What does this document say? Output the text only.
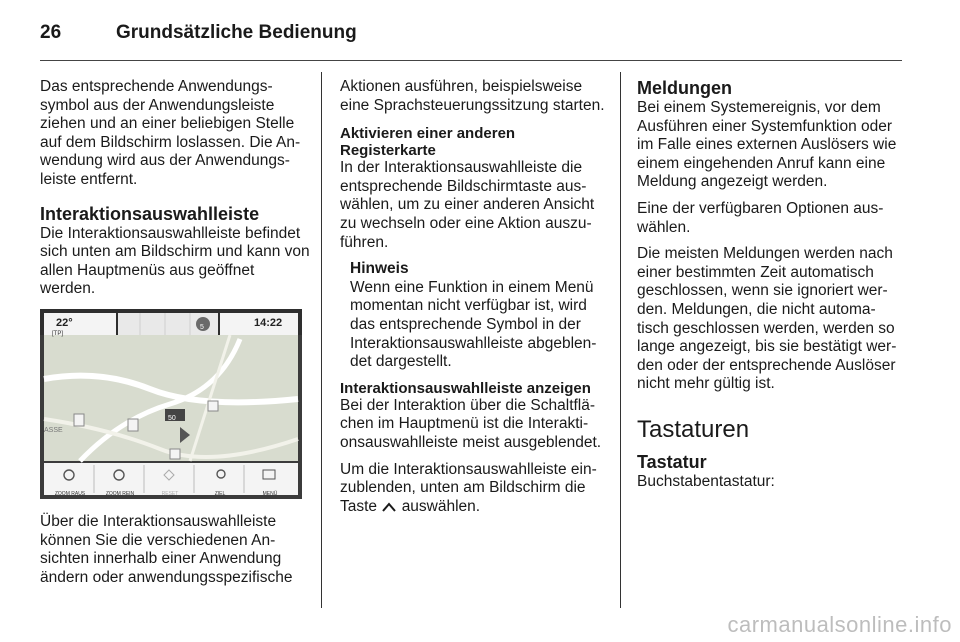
26	Grundsätzliche Bedienung

Das entsprechende Anwendungssymbol aus der Anwendungsleiste ziehen und an einer beliebigen Stelle auf dem Bildschirm loslassen. Die Anwendung wird aus der Anwendungsleiste entfernt.

Interaktionsauswahlleiste

Die Interaktionsauswahlleiste befindet sich unten am Bildschirm und kann von allen Hauptmenüs aus geöffnet werden.

22°
[TP]
14:22
5
50
ASSE
ZOOM RAUS	ZOOM REIN	RESET	ZIEL	MENÜ

Über die Interaktionsauswahlleiste können Sie die verschiedenen Ansichten innerhalb einer Anwendung ändern oder anwendungsspezifische

Aktionen ausführen, beispielsweise eine Sprachsteuerungssitzung starten.

Aktivieren einer anderen Registerkarte

In der Interaktionsauswahlleiste die entsprechende Bildschirmtaste auswählen, um zu einer anderen Ansicht zu wechseln oder eine Aktion auszuführen.

Hinweis
Wenn eine Funktion in einem Menü momentan nicht verfügbar ist, wird das entsprechende Symbol in der Interaktionsauswahlleiste abgeblendet dargestellt.
Interaktionsauswahlleiste anzeigen

Bei der Interaktion über die Schaltflächen im Hauptmenü ist die Interaktionsauswahlleiste meist ausgeblendet.

Um die Interaktionsauswahlleiste einzublenden, unten am Bildschirm die Taste auswählen.

Meldungen

Bei einem Systemereignis, vor dem Ausführen einer Systemfunktion oder im Falle eines externen Auslösers wie einem eingehenden Anruf kann eine Meldung angezeigt werden.

Eine der verfügbaren Optionen auswählen.

Die meisten Meldungen werden nach einer bestimmten Zeit automatisch geschlossen, wenn sie ignoriert werden. Meldungen, die nicht automatisch geschlossen werden, werden so lange angezeigt, bis sie bestätigt werden oder der entsprechende Auslöser nicht mehr gültig ist.

Tastaturen
Tastatur

Buchstabentastatur:

carmanualsonline.info
